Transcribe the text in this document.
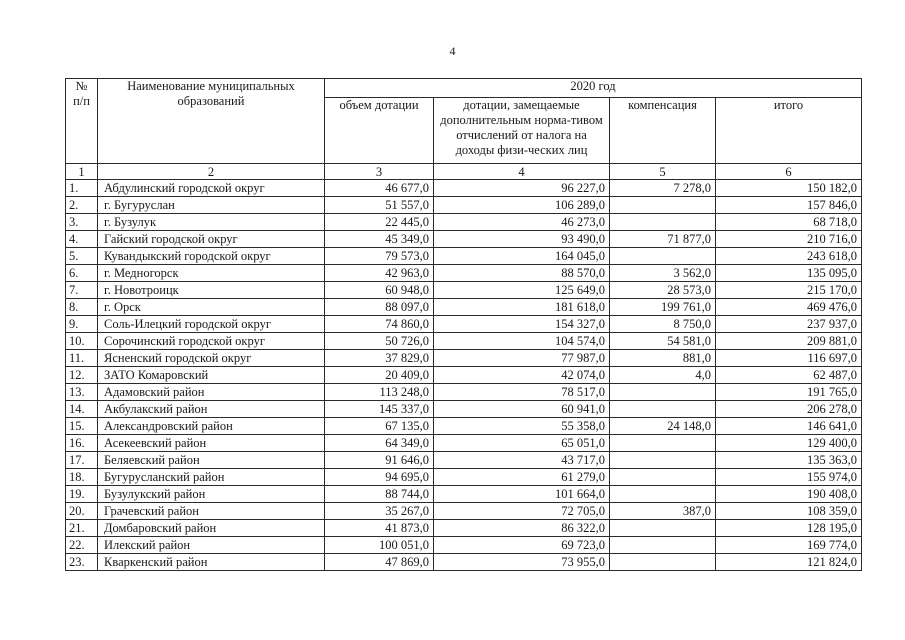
4
№ п/п	Наименование муниципальных образований	2020 год			
		объем дотации	дотации, замещаемые дополнительным норма-тивом отчислений от налога на доходы физи-ческих лиц	компенсация	итого
1	2	3	4	5	6
1.	Абдулинский городской округ	46 677,0	96 227,0	7 278,0	150 182,0
2.	г. Бугуруслан	51 557,0	106 289,0		157 846,0
3.	г. Бузулук	22 445,0	46 273,0		68 718,0
4.	Гайский городской округ	45 349,0	93 490,0	71 877,0	210 716,0
5.	Кувандыкский городской округ	79 573,0	164 045,0		243 618,0
6.	г. Медногорск	42 963,0	88 570,0	3 562,0	135 095,0
7.	г. Новотроицк	60 948,0	125 649,0	28 573,0	215 170,0
8.	г. Орск	88 097,0	181 618,0	199 761,0	469 476,0
9.	Соль-Илецкий городской округ	74 860,0	154 327,0	8 750,0	237 937,0
10.	Сорочинский городской округ	50 726,0	104 574,0	54 581,0	209 881,0
11.	Ясненский городской округ	37 829,0	77 987,0	881,0	116 697,0
12.	ЗАТО Комаровский	20 409,0	42 074,0	4,0	62 487,0
13.	Адамовский район	113 248,0	78 517,0		191 765,0
14.	Акбулакский район	145 337,0	60 941,0		206 278,0
15.	Александровский район	67 135,0	55 358,0	24 148,0	146 641,0
16.	Асекеевский район	64 349,0	65 051,0		129 400,0
17.	Беляевский район	91 646,0	43 717,0		135 363,0
18.	Бугурусланский район	94 695,0	61 279,0		155 974,0
19.	Бузулукский район	88 744,0	101 664,0		190 408,0
20.	Грачевский район	35 267,0	72 705,0	387,0	108 359,0
21.	Домбаровский район	41 873,0	86 322,0		128 195,0
22.	Илекский район	100 051,0	69 723,0		169 774,0
23.	Кваркенский район	47 869,0	73 955,0		121 824,0
